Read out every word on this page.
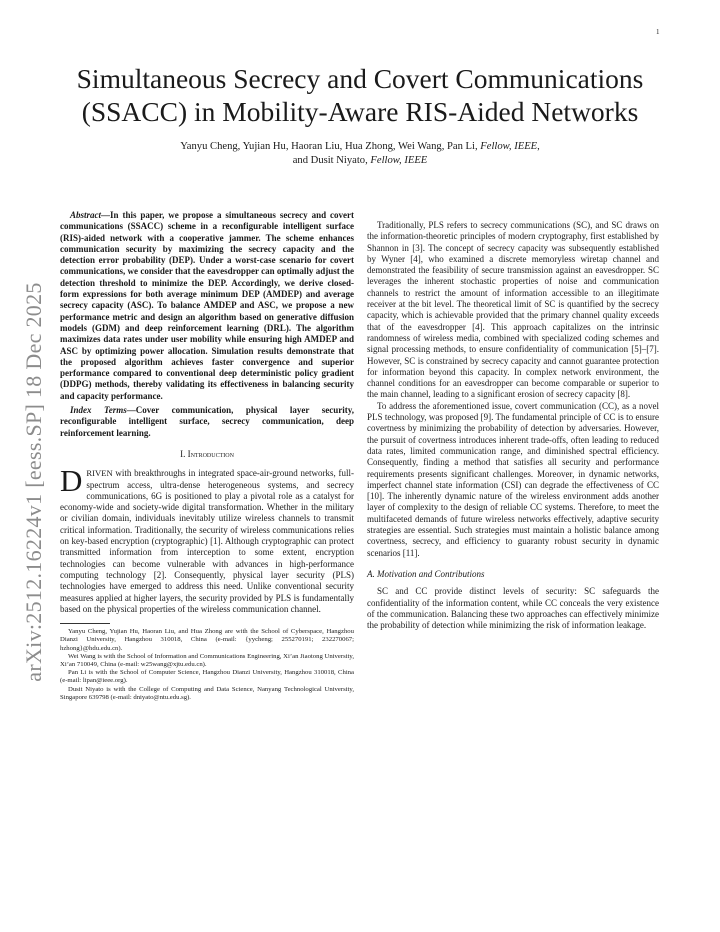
1
Simultaneous Secrecy and Covert Communications
(SSACC) in Mobility-Aware RIS-Aided Networks
Yanyu Cheng, Yujian Hu, Haoran Liu, Hua Zhong, Wei Wang, Pan Li, Fellow, IEEE,
and Dusit Niyato, Fellow, IEEE
arXiv:2512.16224v1 [eess.SP] 18 Dec 2025

Abstract—In this paper, we propose a simultaneous secrecy and covert communications (SSACC) scheme in a reconfigurable intelligent surface (RIS)-aided network with a cooperative jammer. The scheme enhances communication security by maximizing the secrecy capacity and the detection error probability (DEP). Under a worst-case scenario for covert communications, we consider that the eavesdropper can optimally adjust the detection threshold to minimize the DEP. Accordingly, we derive closed-form expressions for both average minimum DEP (AMDEP) and average secrecy capacity (ASC). To balance AMDEP and ASC, we propose a new performance metric and design an algorithm based on generative diffusion models (GDM) and deep reinforcement learning (DRL). The algorithm maximizes data rates under user mobility while ensuring high AMDEP and ASC by optimizing power allocation. Simulation results demonstrate that the proposed algorithm achieves faster convergence and superior performance compared to conventional deep deterministic policy gradient (DDPG) methods, thereby validating its effectiveness in balancing security and capacity performance.

Index Terms—Cover communication, physical layer security, reconfigurable intelligent surface, secrecy communication, deep reinforcement learning.

I. Introduction

DRIVEN with breakthroughs in integrated space-air-ground networks, full-spectrum access, ultra-dense heterogeneous systems, and secrecy communications, 6G is positioned to play a pivotal role as a catalyst for economy-wide and society-wide digital transformation. Whether in the military or civilian domain, individuals inevitably utilize wireless channels to transmit critical information. Traditionally, the security of wireless communications relies on key-based encryption (cryptographic) [1]. Although cryptographic can protect transmitted information from interception to some extent, encryption technologies can become vulnerable with advances in high-performance computing technology [2]. Consequently, physical layer security (PLS) technologies have emerged to address this need. Unlike conventional security measures applied at higher layers, the security provided by PLS is fundamentally based on the physical properties of the wireless communication channel.

Yanyu Cheng, Yujian Hu, Haoran Liu, and Hua Zhong are with the School of Cyberspace, Hangzhou Dianzi University, Hangzhou 310018, China (e-mail: {yycheng; 255270191; 232270067; hzhong}@hdu.edu.cn).

Wei Wang is with the School of Information and Communications Engineering, Xi’an Jiaotong University, Xi’an 710049, China (e-mail: w25wang@xjtu.edu.cn).

Pan Li is with the School of Computer Science, Hangzhou Dianzi University, Hangzhou 310018, China (e-mail: lipan@ieee.org).

Dusit Niyato is with the College of Computing and Data Science, Nanyang Technological University, Singapore 639798 (e-mail: dniyato@ntu.edu.sg).

Traditionally, PLS refers to secrecy communications (SC), and SC draws on the information-theoretic principles of modern cryptography, first established by Shannon in [3]. The concept of secrecy capacity was subsequently established by Wyner [4], who examined a discrete memoryless wiretap channel and demonstrated the feasibility of secure transmission against an eavesdropper. SC leverages the inherent stochastic properties of noise and communication channels to restrict the amount of information accessible to an illegitimate receiver at the bit level. The theoretical limit of SC is quantified by the secrecy capacity, which is achievable provided that the primary channel quality exceeds that of the eavesdropper [4]. This approach capitalizes on the intrinsic randomness of wireless media, combined with specialized coding schemes and signal processing methods, to ensure confidentiality of communication [5]–[7]. However, SC is constrained by secrecy capacity and cannot guarantee protection for information beyond this capacity. In complex network environment, the channel conditions for an eavesdropper can become comparable or superior to the main channel, leading to a significant erosion of secrecy capacity [8].

To address the aforementioned issue, covert communication (CC), as a novel PLS technology, was proposed [9]. The fundamental principle of CC is to ensure covertness by minimizing the probability of detection by adversaries. However, the pursuit of covertness introduces inherent trade-offs, often leading to reduced data rates, limited communication range, and diminished spectral efficiency. Consequently, finding a method that satisfies all security and performance requirements presents significant challenges. Moreover, in dynamic networks, imperfect channel state information (CSI) can degrade the effectiveness of CC [10]. The inherently dynamic nature of the wireless environment adds another layer of complexity to the design of reliable CC systems. Therefore, to meet the multifaceted demands of future wireless networks effectively, adaptive security strategies are essential. Such strategies must maintain a holistic balance among covertness, secrecy, and efficiency to guaranty robust security in dynamic scenarios [11].

A. Motivation and Contributions

SC and CC provide distinct levels of security: SC safeguards the confidentiality of the information content, while CC conceals the very existence of the communication. Balancing these two approaches can effectively minimize the probability of detection while minimizing the risk of information leakage.
